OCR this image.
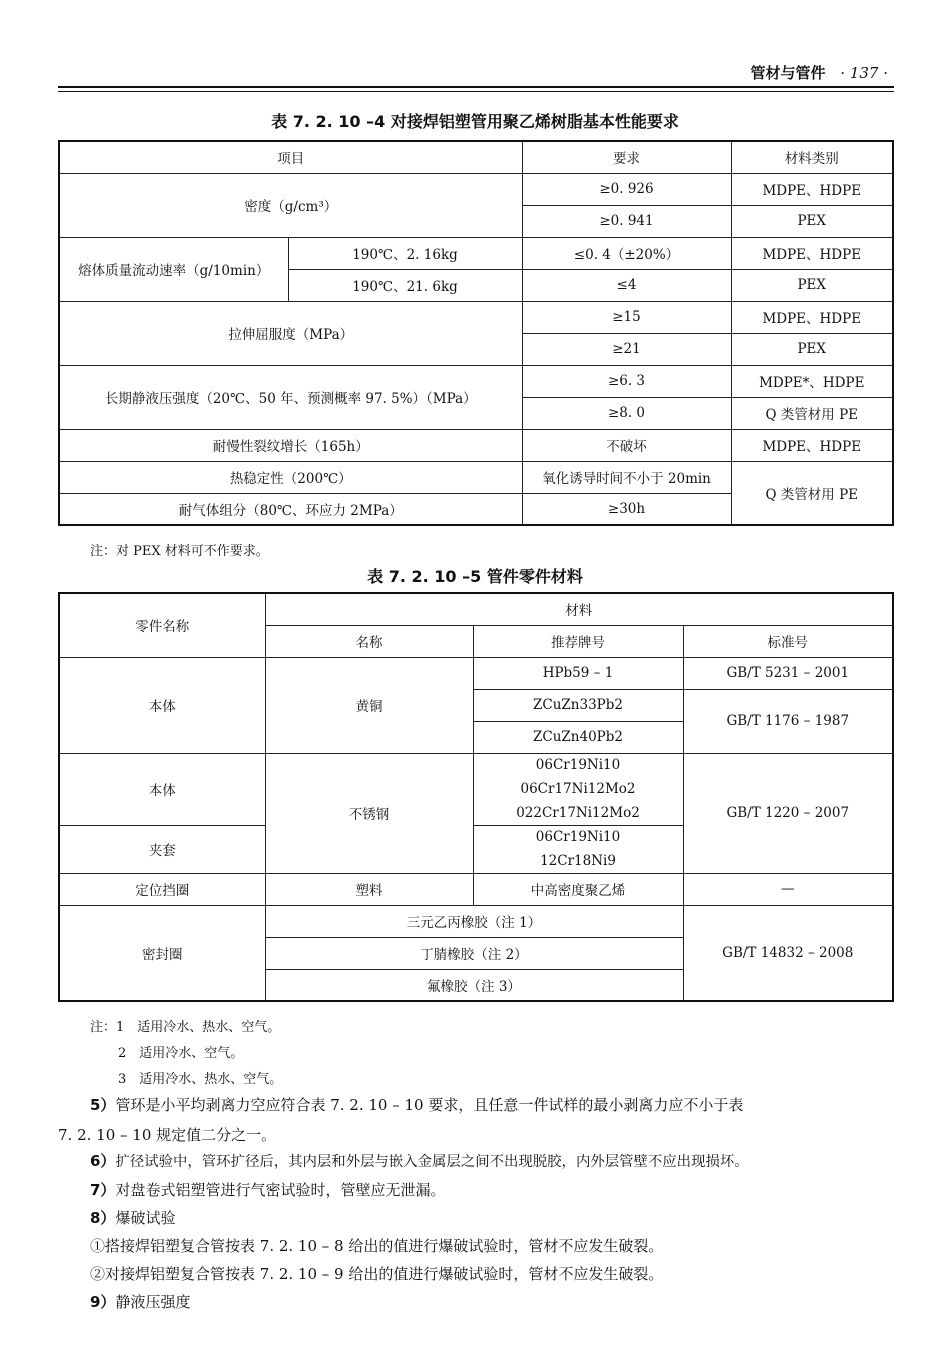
管材与管件 · 137 ·
表 7. 2. 10 –4 对接焊铝塑管用聚乙烯树脂基本性能要求
项目		要求	材料类别
密度（g/cm³）		≥0. 926	MDPE、HDPE
		≥0. 941	PEX
熔体质量流动速率（g/10min）	190℃、2. 16kg	≤0. 4（±20%）	MDPE、HDPE
	190℃、21. 6kg	≤4	PEX
拉伸屈服度（MPa）		≥15	MDPE、HDPE
		≥21	PEX
长期静液压强度（20℃、50 年、预测概率 97. 5%）（MPa）		≥6. 3	MDPE*、HDPE
		≥8. 0	Q 类管材用 PE
耐慢性裂纹增长（165h）		不破坏	MDPE、HDPE
热稳定性（200℃）		氧化诱导时间不小于 20min	Q 类管材用 PE
耐气体组分（80℃、环应力 2MPa）		≥30h	
注：对 PEX 材料可不作要求。
表 7. 2. 10 –5 管件零件材料
零件名称	材料		
	名称	推荐牌号	标准号
本体	黄铜	HPb59 – 1	GB/T 5231 – 2001
		ZCuZn33Pb2	GB/T 1176 – 1987
		ZCuZn40Pb2	
本体	不锈钢	06Cr19Ni10	GB/T 1220 – 2007
		06Cr17Ni12Mo2	
		022Cr17Ni12Mo2	
夹套		06Cr19Ni10	
		12Cr18Ni9	
定位挡圈	塑料	中高密度聚乙烯	—
密封圈	三元乙丙橡胶（注 1）		GB/T 14832 – 2008
	丁腈橡胶（注 2）		
	氟橡胶（注 3）		
注：1　适用冷水、热水、空气。
2　适用冷水、空气。
3　适用冷水、热水、空气。
5）管环是小平均剥离力空应符合表 7. 2. 10 – 10 要求，且任意一件试样的最小剥离力应不小于表
7. 2. 10 – 10 规定值二分之一。
6）扩径试验中，管环扩径后，其内层和外层与嵌入金属层之间不出现脱胶，内外层管壁不应出现损坏。
7）对盘卷式铝塑管进行气密试验时，管壁应无泄漏。
8）爆破试验
①搭接焊铝塑复合管按表 7. 2. 10 – 8 给出的值进行爆破试验时，管材不应发生破裂。
②对接焊铝塑复合管按表 7. 2. 10 – 9 给出的值进行爆破试验时，管材不应发生破裂。
9）静液压强度
